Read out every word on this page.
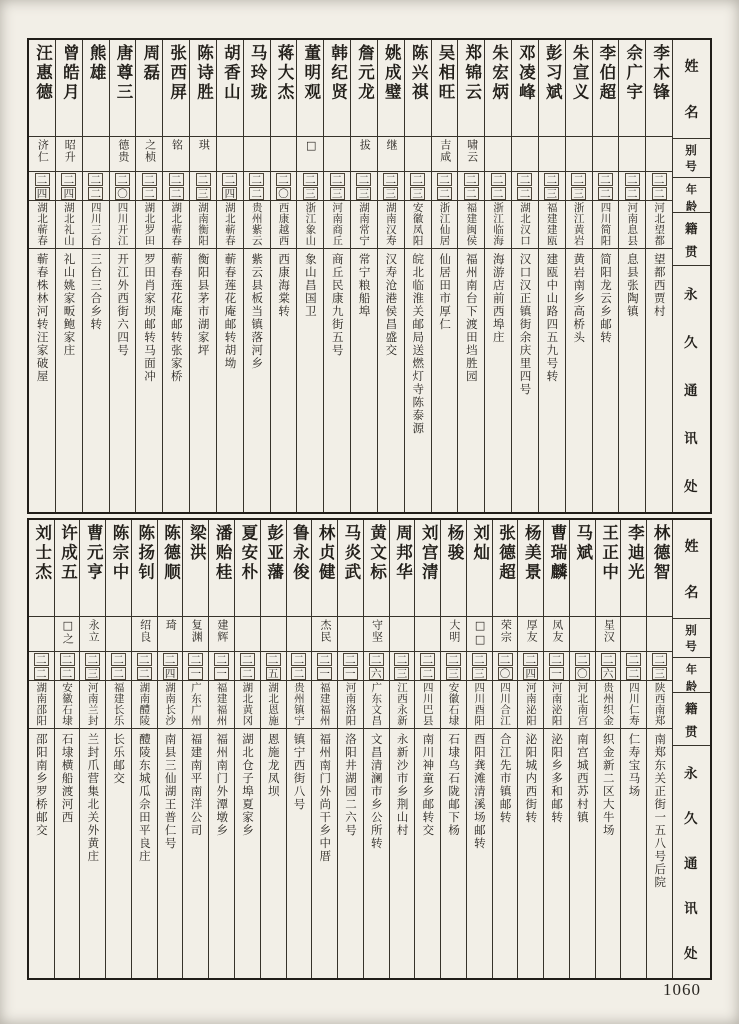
姓
名
别
号
年
龄
籍
贯
永
久
通
讯
处
李木锋
二
二
河北望都
望都西贾村
佘广宇
二
二
河南息县
息县张陶镇
李伯超
二
二
四川简阳
简阳龙云乡邮转
朱宣义
二
三
浙江黄岩
黄岩南乡高桥头
彭习斌
二
三
福建建瓯
建瓯中山路四五九号转
邓凌峰
二
二
湖北汉口
汉口汉正镇街余庆里四号
朱宏炳
二
二
浙江临海
海游店前西埠庄
郑锦云
啸云
二
二
福建闽侯
福州南台下渡田垱胜园
吴相旺
吉咸
二
二
浙江仙居
仙居田市厚仁
陈兴祺
二
三
安徽凤阳
皖北临淮关邮局送燃灯寺陈泰源
姚成璧
继
二
三
湖南汉寿
汉寿沧港侯昌盛交
詹元龙
拔
二
三
湖南常宁
常宁粮船埠
韩纪贤
二
三
河南商丘
商丘民康九街五号
董明观
□
二
三
浙江象山
象山昌国卫
蒋大杰
二
〇
西康越西
西康海棠转
马玲珑
二
二
贵州紫云
紫云县板当镇落河乡
胡香山
二
四
湖北蕲春
蕲春莲花庵邮转胡坳
陈诗胜
琪
二
三
湖南衡阳
衡阳县茅市湖家坪
张西屏
铭
二
二
湖北蕲春
蕲春莲花庵邮转张家桥
周磊
之桢
二
二
湖北罗田
罗田肖家坝邮转马面冲
唐尊三
德贵
二
〇
四川开江
开江外西街六四号
熊雄
二
二
四川三台
三台三合乡转
曾皓月
昭升
二
四
湖北礼山
礼山姚家畈鲍家庄
汪惠德
济仁
二
四
湖北蕲春
蕲春株林河转汪家破屋
姓
名
别
号
年
龄
籍
贯
永
久
通
讯
处
林德智
二
三
陕西南郑
南郑东关正街一五八号后院
李迪光
二
二
四川仁寿
仁寿宝马场
王正中
星汉
二
六
贵州织金
织金新二区大牛场
马斌
二
〇
河北南宫
南宫城西苏村镇
曹瑞麟
凤友
二
一
河南泌阳
泌阳乡多和邮转
杨美景
厚友
二
四
河南泌阳
泌阳城内西街转
张德超
荣宗
二
〇
四川合江
合江先市镇邮转
刘灿
□□
二
三
四川酉阳
酉阳龚滩清溪场邮转
杨骏
大明
二
三
安徽石埭
石埭乌石陇邮下杨
刘宫清
二
二
四川巴县
南川神童乡邮转交
周邦华
二
三
江西永新
永新沙市乡荆山村
黄文标
守坚
二
六
广东文昌
文昌清澜市乡公所转
马炎武
二
一
河南洛阳
洛阳井湖园二六号
林贞健
杰民
二
一
福建福州
福州南门外尚干乡中厝
鲁永俊
二
二
贵州镇宁
镇宁西街八号
彭亚藩
二
五
湖北恩施
恩施龙凤坝
夏安朴
二
二
湖北黄冈
湖北仓子埠夏家乡
潘贻桂
建辉
二
一
福建福州
福州南门外潭墩乡
梁洪
复渊
二
一
广东广州
福建南平南洋公司
陈德顺
琦
二
四
湖南长沙
南县三仙湖王普仁号
陈扬钊
绍良
二
二
湖南醴陵
醴陵东城瓜佘田平良庄
陈宗中
二
二
福建长乐
长乐邮交
曹元亨
永立
二
三
河南兰封
兰封爪营集北关外黄庄
许成五
□之
二
二
安徽石埭
石埭横船渡河西
刘士杰
二
二
湖南邵阳
邵阳南乡罗桥邮交
1060
